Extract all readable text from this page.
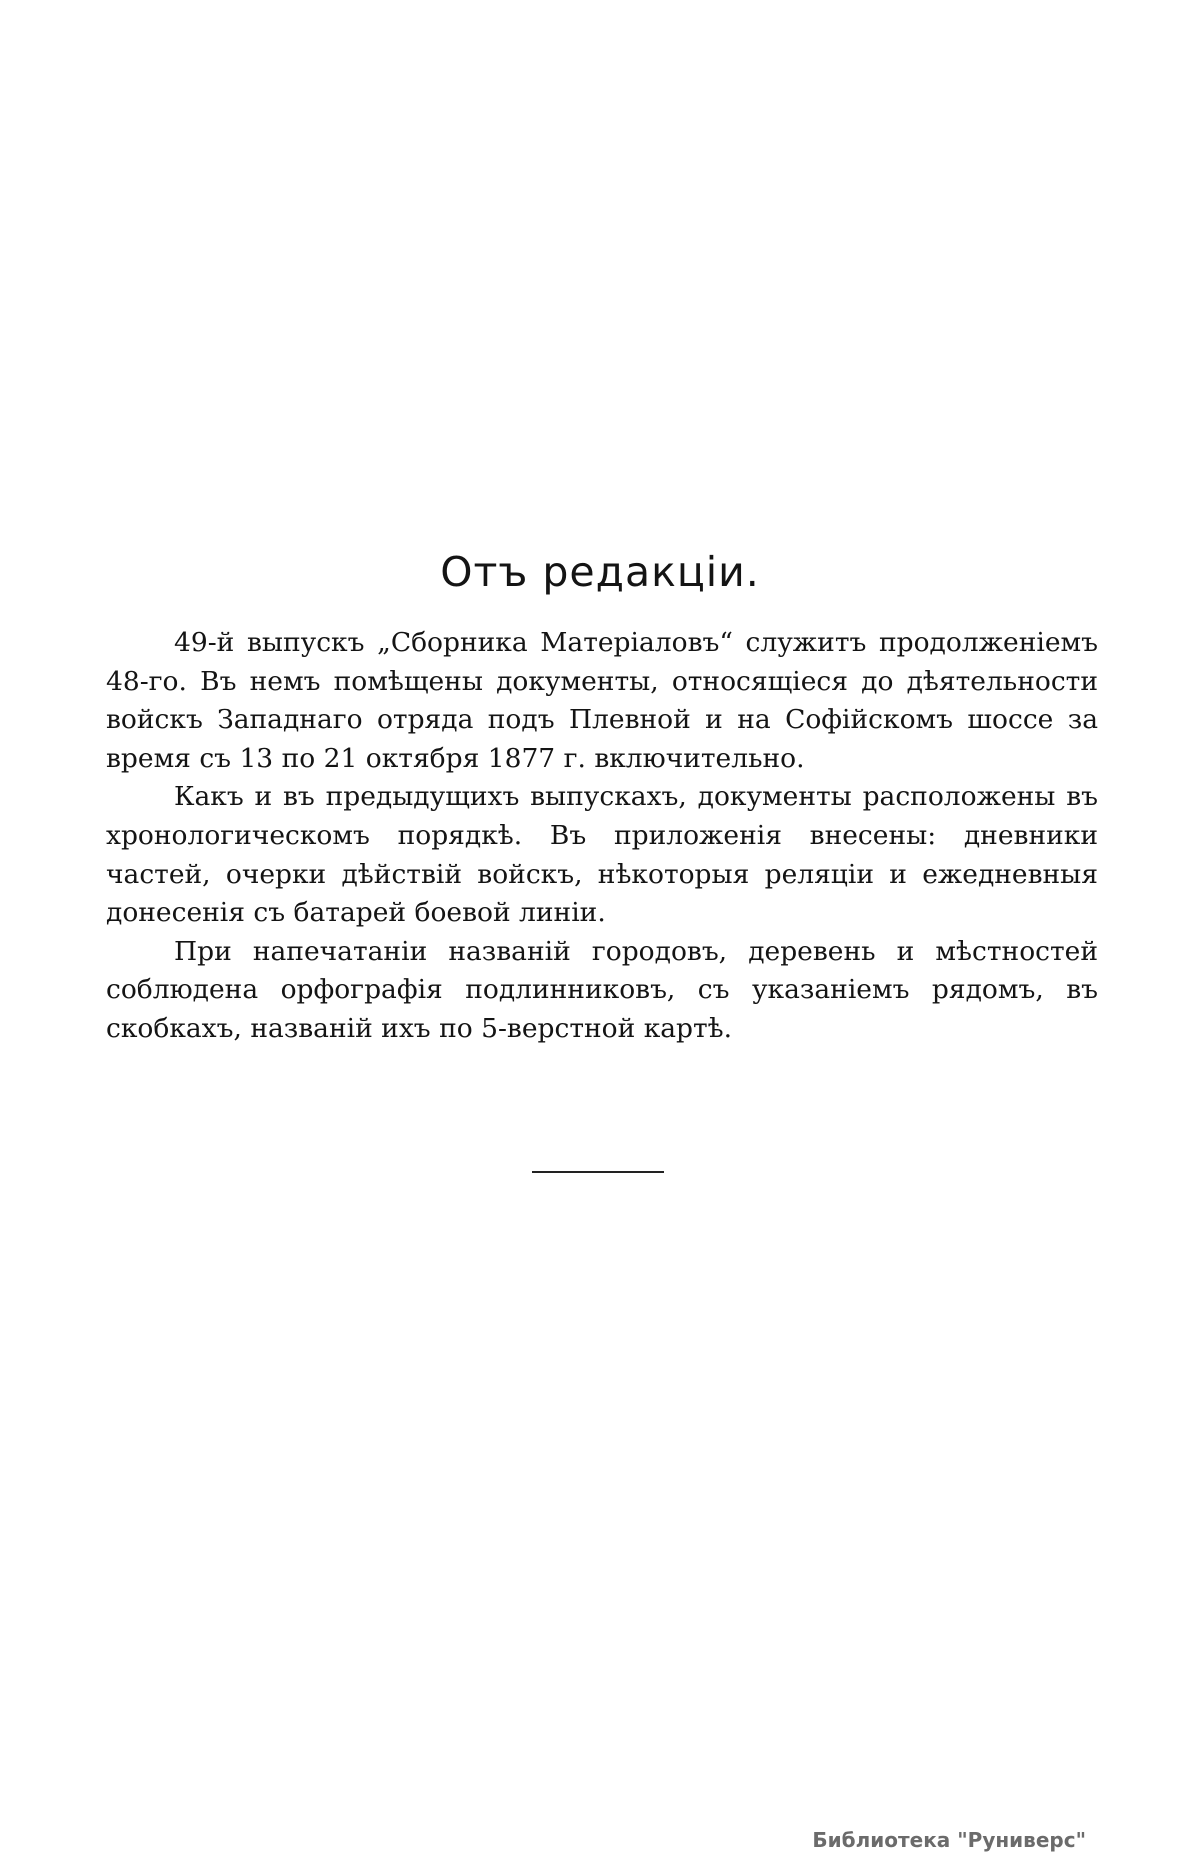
Отъ редакціи.

49-й выпускъ „Сборника Матеріаловъ“ служитъ продолженіемъ 48-го. Въ немъ помѣщены документы, относящіеся до дѣятельности войскъ Западнаго отряда подъ Плевной и на Софійскомъ шоссе за время съ 13 по 21 октября 1877 г. включительно.

Какъ и въ предыдущихъ выпускахъ, документы расположены въ хронологическомъ порядкѣ. Въ приложенія внесены: дневники частей, очерки дѣйствій войскъ, нѣкоторыя реляціи и ежедневныя донесенія съ батарей боевой линіи.

При напечатаніи названій городовъ, деревень и мѣстностей соблюдена орфографія подлинниковъ, съ указаніемъ рядомъ, въ скобкахъ, названій ихъ по 5-верстной картѣ.

Библиотека "Руниверс"
